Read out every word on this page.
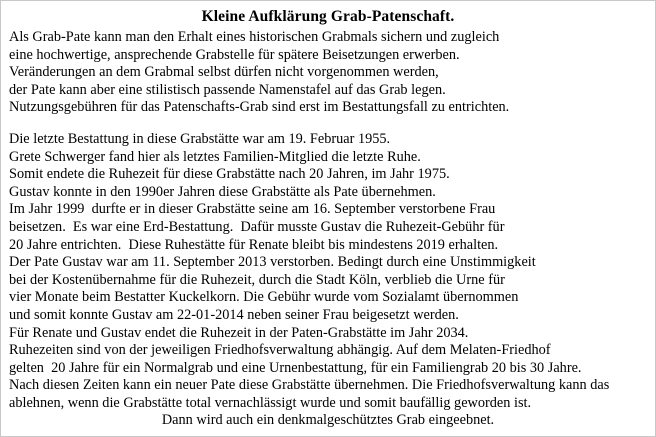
Kleine Aufklärung Grab-Patenschaft.
Als Grab-Pate kann man den Erhalt eines historischen Grabmals sichern und zugleich
eine hochwertige, ansprechende Grabstelle für spätere Beisetzungen erwerben.
Veränderungen an dem Grabmal selbst dürfen nicht vorgenommen werden,
der Pate kann aber eine stilistisch passende Namenstafel auf das Grab legen.
Nutzungsgebühren für das Patenschafts-Grab sind erst im Bestattungsfall zu entrichten.
Die letzte Bestattung in diese Grabstätte war am 19. Februar 1955.
Grete Schwerger fand hier als letztes Familien-Mitglied die letzte Ruhe.
Somit endete die Ruhezeit für diese Grabstätte nach 20 Jahren, im Jahr 1975.
Gustav konnte in den 1990er Jahren diese Grabstätte als Pate übernehmen.
Im Jahr 1999  durfte er in dieser Grabstätte seine am 16. September verstorbene Frau
beisetzen.  Es war eine Erd-Bestattung.  Dafür musste Gustav die Ruhezeit-Gebühr für
20 Jahre entrichten.  Diese Ruhestätte für Renate bleibt bis mindestens 2019 erhalten.
Der Pate Gustav war am 11. September 2013 verstorben. Bedingt durch eine Unstimmigkeit
bei der Kostenübernahme für die Ruhezeit, durch die Stadt Köln, verblieb die Urne für
vier Monate beim Bestatter Kuckelkorn. Die Gebühr wurde vom Sozialamt übernommen
und somit konnte Gustav am 22-01-2014 neben seiner Frau beigesetzt werden.
Für Renate und Gustav endet die Ruhezeit in der Paten-Grabstätte im Jahr 2034.
Ruhezeiten sind von der jeweiligen Friedhofsverwaltung abhängig. Auf dem Melaten-Friedhof
gelten  20 Jahre für ein Normalgrab und eine Urnenbestattung, für ein Familiengrab 20 bis 30 Jahre.
Nach diesen Zeiten kann ein neuer Pate diese Grabstätte übernehmen. Die Friedhofsverwaltung kann das
ablehnen, wenn die Grabstätte total vernachlässigt wurde und somit baufällig geworden ist.
Dann wird auch ein denkmalgeschütztes Grab eingeebnet.
